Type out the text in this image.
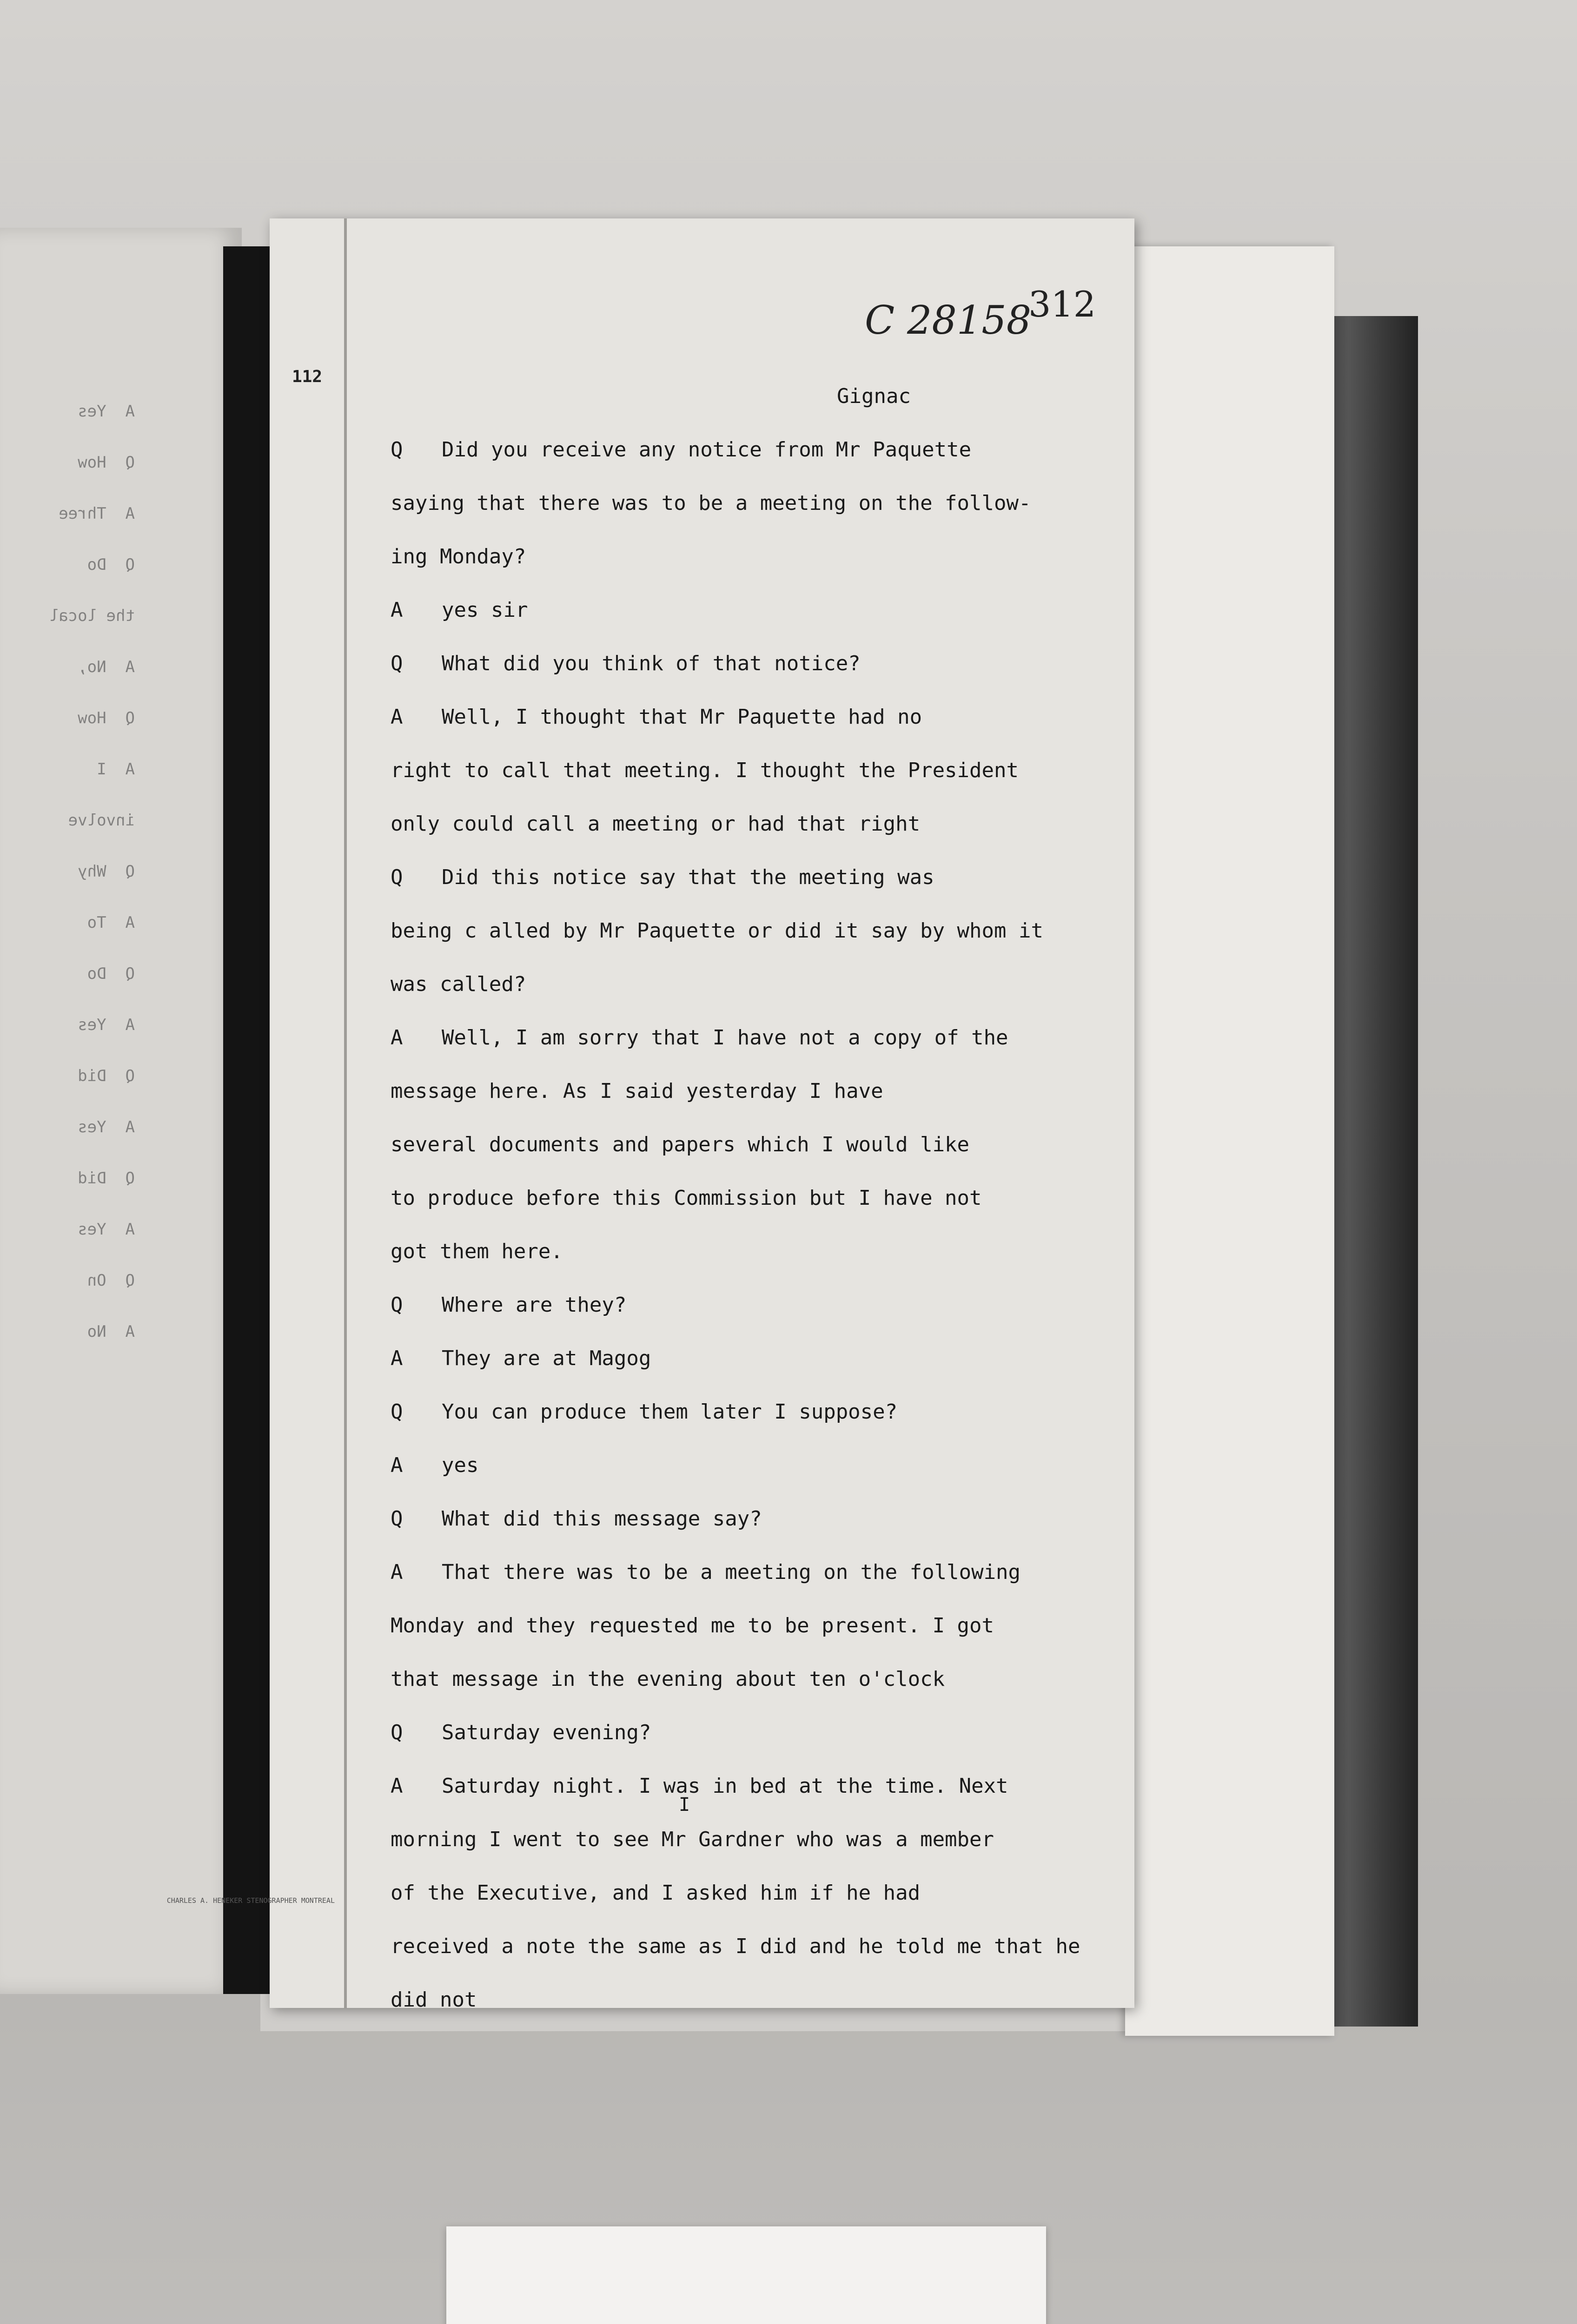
A  Yes
Q  How
A  Three
Q  Do
the local
A  No,
Q  How
A  I
involve
Q  Why
A  To
Q  Do
A  Yes
Q  Did
A  Yes
Q  Did
A  Yes
Q  On
A  No
112
C 28158
312
Gignac
Q Did you receive any notice from Mr Paquette
saying that there was to be a meeting on the follow-
ing Monday?
A yes sir
Q What did you think of that notice?
A Well, I thought that Mr Paquette had no
right to call that meeting. I thought the President
only could call a meeting or had that right
Q Did this notice say that the meeting was
being c alled by Mr Paquette or did it say by whom it
was called?
A Well, I am sorry that I have not a copy of the
message here. As I said yesterday I have
several documents and papers which I would like
to produce before this Commission but I have not
got them here.
Q Where are they?
A They are at Magog
Q You can produce them later I suppose?
A yes
Q What did this message say?
A That there was to be a meeting on the following
Monday and they requested me to be present. I got
that message in the evening about ten o'clock
Q Saturday evening?
A Saturday night. I was in bed at the time. Next
morning I went to see Mr Gardner who was a member
of the Executive, and I asked him if he had
received a note the same as I did and he told me that he
did not
I
CHARLES A. HENEKER STENOGRAPHER MONTREAL
